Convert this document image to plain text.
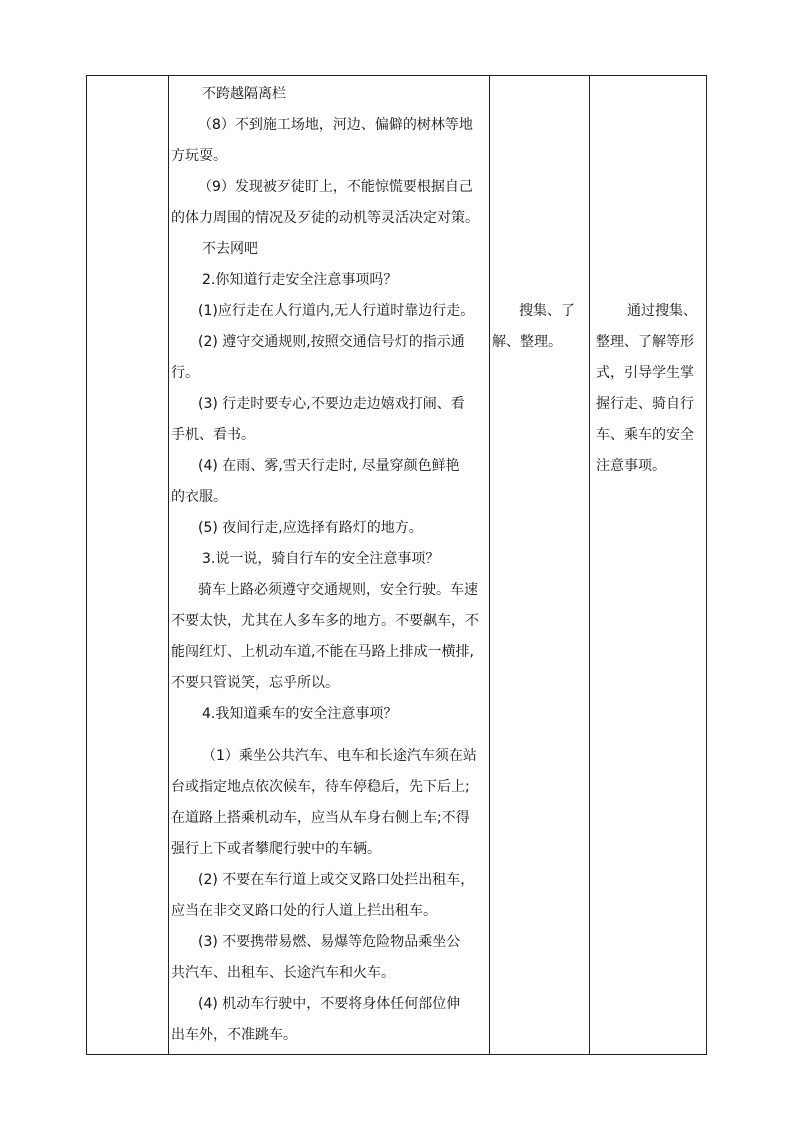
不跨越隔离栏
（8）不到施工场地，河边、偏僻的树林等地
方玩耍。
（9）发现被歹徒盯上，不能惊慌要根据自己
的体力周围的情况及歹徒的动机等灵活决定对策。
不去网吧
2.你知道行走安全注意事项吗？
(1)应行走在人行道内,无人行道时靠边行走。
(2) 遵守交通规则,按照交通信号灯的指示通
行。
(3) 行走时要专心,不要边走边嬉戏打闹、看
手机、看书。
(4) 在雨、雾,雪天行走时, 尽量穿颜色鲜艳
的衣服。
(5) 夜间行走,应选择有路灯的地方。
3.说一说，骑自行车的安全注意事项？
骑车上路必须遵守交通规则，安全行驶。车速
不要太快，尤其在人多车多的地方。不要飙车，不
能闯红灯、上机动车道,不能在马路上排成一横排,
不要只管说笑，忘乎所以。
4.我知道乘车的安全注意事项？
（1）乘坐公共汽车、电车和长途汽车须在站
台或指定地点依次候车，待车停稳后，先下后上;
在道路上搭乘机动车，应当从车身右侧上车;不得
强行上下或者攀爬行驶中的车辆。
(2) 不要在车行道上或交叉路口处拦出租车，
应当在非交叉路口处的行人道上拦出租车。
(3) 不要携带易燃、易爆等危险物品乘坐公
共汽车、出租车、长途汽车和火车。
(4) 机动车行驶中，不要将身体任何部位伸
出车外，不准跳车。
搜集、了
解、整理。
通过搜集、
整理、了解等形
式，引导学生掌
握行走、骑自行
车、乘车的安全
注意事项。
